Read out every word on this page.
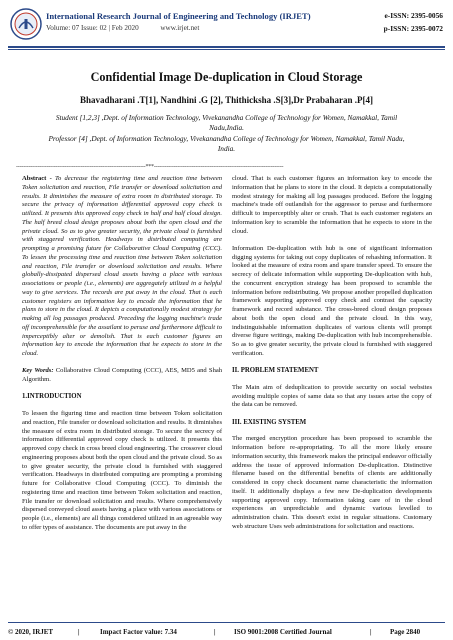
International Research Journal of Engineering and Technology (IRJET)
Volume: 07 Issue: 02 | Feb 2020	www.irjet.net
e-ISSN: 2395-0056
p-ISSN: 2395-0072
Confidential Image De-duplication in Cloud Storage
Bhavadharani .T[1], Nandhini .G [2], Thithicksha .S[3],Dr Prabaharan .P[4]
Student [1,2,3] ,Dept. of Information Technology, Vivekanandha College of Technology for Women, Namakkal, Tamil Nadu,India.
Professor [4] ,Dept. of Information Technology, Vivekanandha College of Technology for Women, Namakkal, Tamil Nadu, India.
------------------------------------------------------------------------***------------------------------------------------------------------------

Abstract - To decrease the registering time and reaction time between Token solicitation and reaction, File transfer or download solicitation and results. It diminishes the measure of extra room in distributed storage. To secure the privacy of information differential approved copy check is utilized. It presents this approved copy check in half and half cloud design. The half breed cloud design proposes about both the open cloud and the private cloud. So as to give greater security, the private cloud is furnished with staggered verification. Headways in distributed computing are prompting a promising future for Collaborative Cloud Computing (CCC). To lessen the processing time and reaction time between Token solicitation and reaction, File transfer or download solicitation and results. Where globally-dissipated dispersed cloud assets having a place with various associations or people (i.e., elements) are aggregately utilized in a helpful way to give services. The records are put away in the cloud. That is each customer registers an information key to encode the information that he plans to store in the cloud. It depicts a computationally modest strategy for making all log passages produced. Preceding the logging machine's trade off incomprehensible for the assailant to peruse and furthermore difficult to imperceptibly alter or demolish. That is each customer figures an information key to encode the information that he expects to store in the cloud.

Key Words: Collaborative Cloud Computing (CCC), AES, MD5 and Shah Algorithm.

1.INTRODUCTION

To lessen the figuring time and reaction time between Token solicitation and reaction, File transfer or download solicitation and results. It diminishes the measure of extra room in distributed storage. To secure the secrecy of information differential approved copy check is utilized. It presents this approved copy check in cross breed cloud engineering. The crossover cloud engineering proposes about both the open cloud and the private cloud. So as to give greater security, the private cloud is furnished with staggered verification. Headways in distributed computing are prompting a promising future for Collaborative Cloud Computing (CCC). To diminish the registering time and reaction time between Token solicitation and reaction, File transfer or download solicitation and results. Where comprehensively dispersed conveyed cloud assets having a place with various associations or people (i.e., elements) are all things considered utilized in an agreeable way to offer types of assistance. The documents are put away in the

cloud. That is each customer figures an information key to encode the information that he plans to store in the cloud. It depicts a computationally modest strategy for making all log passages produced. Before the logging machine's trade off outlandish for the aggressor to peruse and furthermore difficult to imperceptibly alter or crush. That is each customer registers an information key to scramble the information that he expects to store in the cloud.

Information De-duplication with hub is one of significant information digging systems for taking out copy duplicates of rehashing information. It looked at the measure of extra room and spare transfer speed. To ensure the secrecy of delicate information while supporting De-duplication with hub, the concurrent encryption strategy has been proposed to scramble the information before redistributing. We propose another propelled duplication framework supporting approved copy check and contrast the capacity framework and record substance. The cross-breed cloud design proposes about both the open cloud and the private cloud. In this way, indistinguishable information duplicates of various clients will prompt diverse figure writings, making De-duplication with hub incomprehensible. So as to give greater security, the private cloud is furnished with staggered verification.

II. PROBLEM STATEMENT

The Main aim of deduplication to provide security on social websites avoiding multiple copies of same data so that any issues arise the copy of the data can be removed.

III. EXISTING SYSTEM

The merged encryption procedure has been proposed to scramble the information before re-appropriating. To all the more likely ensure information security, this framework makes the principal endeavor officially address the issue of approved information De-duplication. Distinctive filename based on the differential benefits of clients are additionally considered in copy check document name characteristic the information itself. It additionally displays a few new De-duplication developments supporting approved copy. Information taking care of in the cloud experiences an unpredictable and dynamic various levelled to administration chain. This doesn't exist in regular situations. Customary web structure Uses web administrations for solicitation and reactions.

© 2020, IRJET	|	Impact Factor value: 7.34	|	ISO 9001:2008 Certified Journal	|	Page 2840
